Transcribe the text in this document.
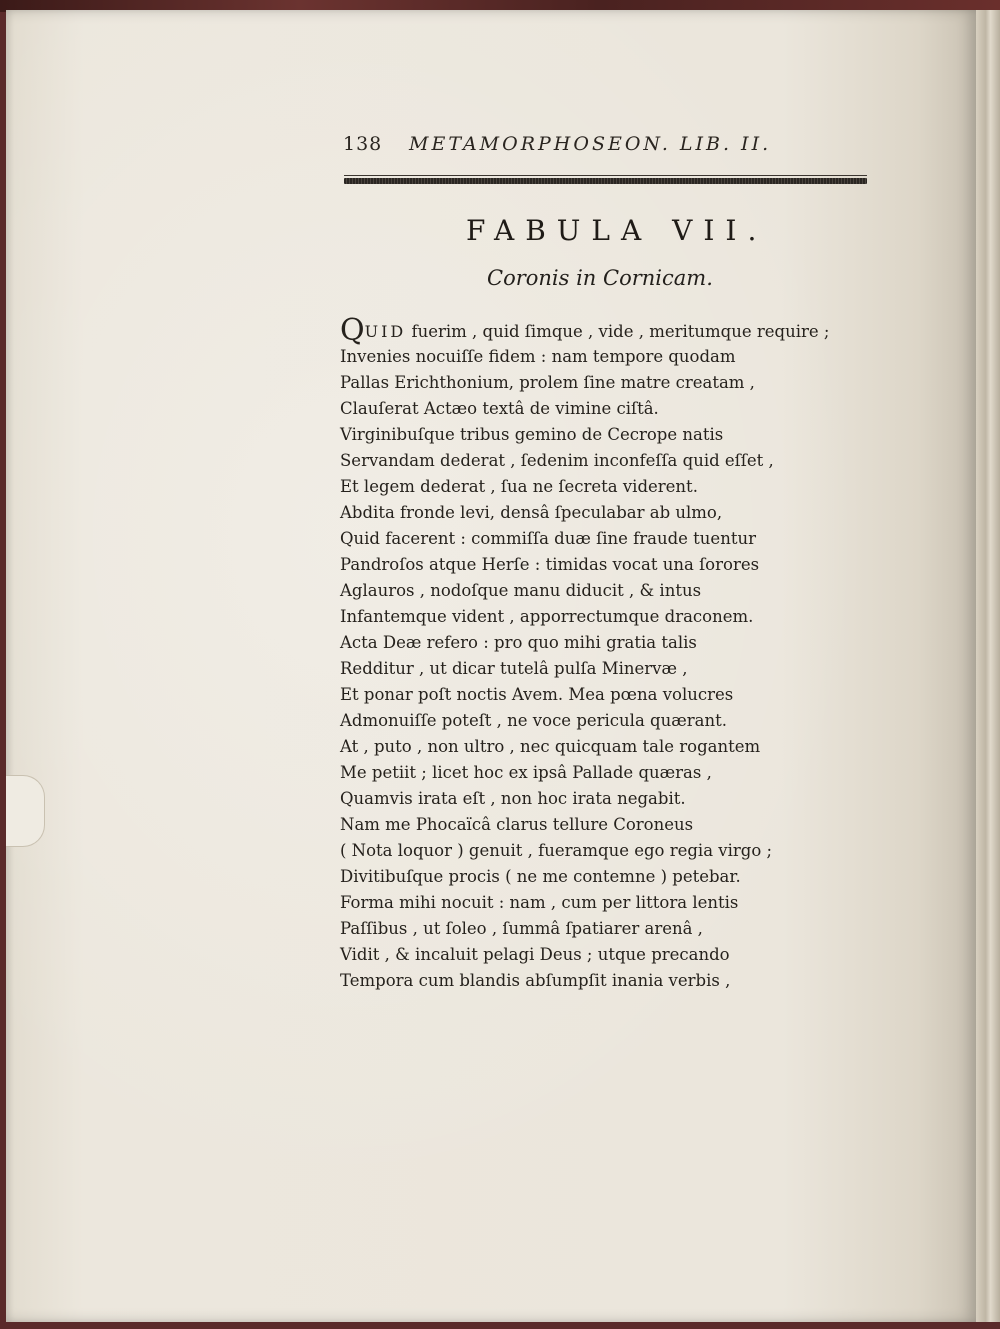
138 METAMORPHOSEON. LIB. II.
FABULA VII.
Coronis in Cornicam.
QUID fuerim , quid ſimque , vide , meritumque require ;
Invenies nocuiſſe fidem : nam tempore quodam
Pallas Erichthonium, prolem ſine matre creatam ,
Clauſerat Actæo textâ de vimine ciſtâ.
Virginibuſque tribus gemino de Cecrope natis
Servandam dederat , ſedenim inconfeſſa quid eſſet ,
Et legem dederat , ſua ne ſecreta viderent.
Abdita fronde levi, densâ ſpeculabar ab ulmo,
Quid facerent : commiſſa duæ ſine fraude tuentur
Pandroſos atque Herſe : timidas vocat una ſorores
Aglauros , nodoſque manu diducit , & intus
Infantemque vident , apporrectumque draconem.
Acta Deæ refero : pro quo mihi gratia talis
Redditur , ut dicar tutelâ pulſa Minervæ ,
Et ponar poſt noctis Avem. Mea pœna volucres
Admonuiſſe poteſt , ne voce pericula quærant.
At , puto , non ultro , nec quicquam tale rogantem
Me petiit ; licet hoc ex ipsâ Pallade quæras ,
Quamvis irata eſt , non hoc irata negabit.
Nam me Phocaïcâ clarus tellure Coroneus
( Nota loquor ) genuit , fueramque ego regia virgo ;
Divitibuſque procis ( ne me contemne ) petebar.
Forma mihi nocuit : nam , cum per littora lentis
Paſſibus , ut ſoleo , ſummâ ſpatiarer arenâ ,
Vidit , & incaluit pelagi Deus ; utque precando
Tempora cum blandis abſumpſit inania verbis ,
